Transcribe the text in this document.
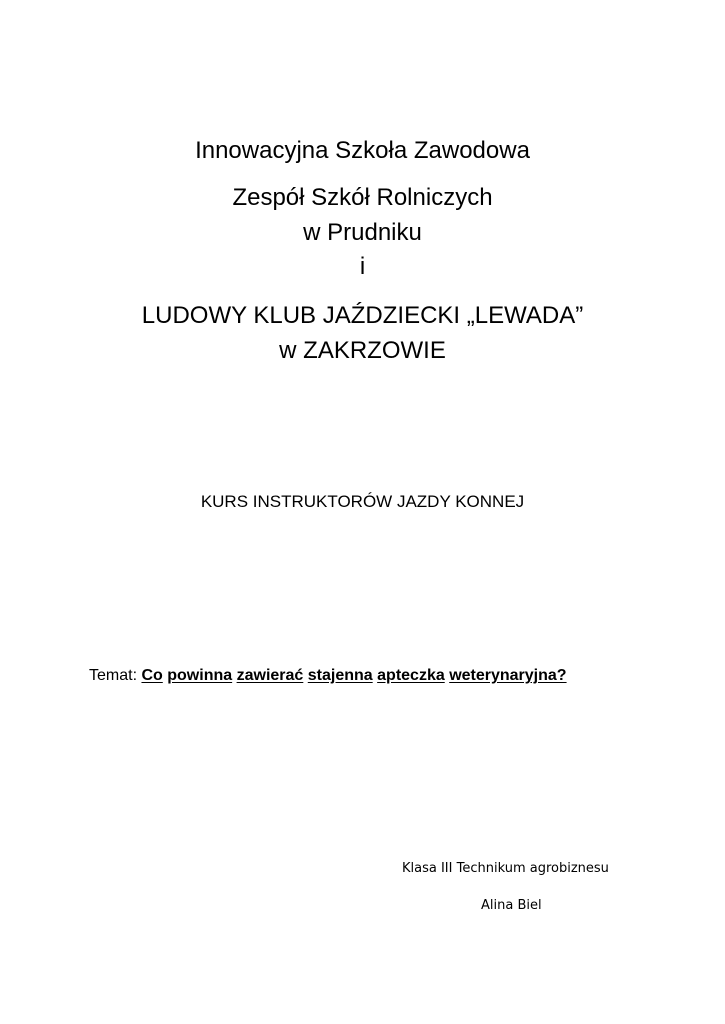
Innowacyjna Szkoła Zawodowa
Zespół Szkół Rolniczych
w Prudniku
i
LUDOWY KLUB JAŹDZIECKI „LEWADA”
w ZAKRZOWIE
KURS INSTRUKTORÓW JAZDY KONNEJ
Temat: Co powinna zawierać stajenna apteczka weterynaryjna?
Klasa III Technikum agrobiznesu
Alina Biel
